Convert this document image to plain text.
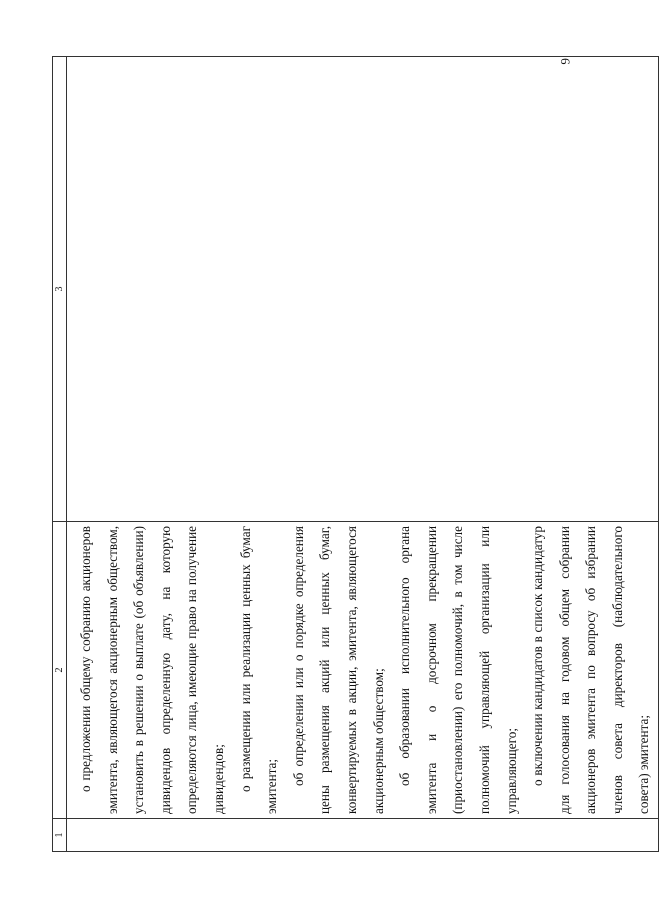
6
1	2	3

	о предложении общему собранию акционеров эмитента, являющегося акционерным обществом, установить в решении о выплате (об объявлении) дивидендов определенную дату, на которую определяются лица, имеющие право на получение дивидендов; о размещении или реализации ценных бумаг эмитента;

об определении или о порядке определения цены размещения акций или ценных бумаг, конвертируемых в акции, эмитента, являющегося акционерным обществом; об образовании исполнительного органа эмитента и о досрочном прекращении (приостановлении) его полномочий, в том числе полномочий управляющей организации или управляющего; о включении кандидатов в список кандидатур для голосования на годовом общем собрании акционеров эмитента по вопросу об избрании членов совета директоров (наблюдательного совета) эмитента;	
